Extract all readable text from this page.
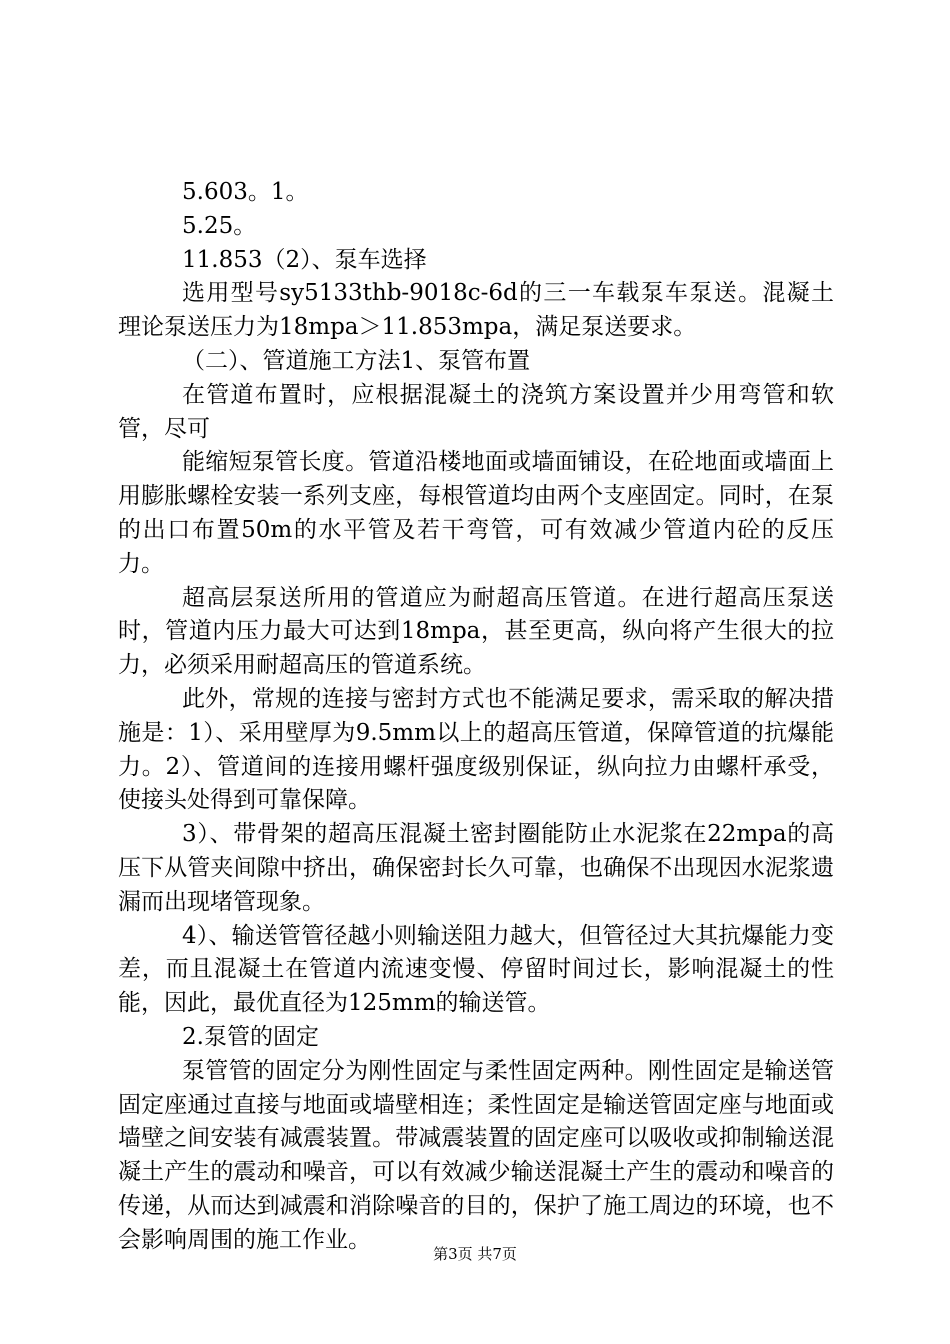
5.603。1。

5.25。

11.853（2）、泵车选择

选用型号sy5133thb-9018c-6d的三一车载泵车泵送。混凝土理论泵送压力为18mpa＞11.853mpa，满足泵送要求。

（二）、管道施工方法1、泵管布置

在管道布置时，应根据混凝土的浇筑方案设置并少用弯管和软管，尽可

能缩短泵管长度。管道沿楼地面或墙面铺设，在砼地面或墙面上用膨胀螺栓安装一系列支座，每根管道均由两个支座固定。同时，在泵的出口布置50m的水平管及若干弯管，可有效减少管道内砼的反压力。

超高层泵送所用的管道应为耐超高压管道。在进行超高压泵送时，管道内压力最大可达到18mpa，甚至更高，纵向将产生很大的拉力，必须采用耐超高压的管道系统。

此外，常规的连接与密封方式也不能满足要求，需采取的解决措施是：1）、采用壁厚为9.5mm以上的超高压管道，保障管道的抗爆能力。2）、管道间的连接用螺杆强度级别保证，纵向拉力由螺杆承受，使接头处得到可靠保障。

3）、带骨架的超高压混凝土密封圈能防止水泥浆在22mpa的高压下从管夹间隙中挤出，确保密封长久可靠，也确保不出现因水泥浆遗漏而出现堵管现象。

4）、输送管管径越小则输送阻力越大，但管径过大其抗爆能力变差，而且混凝土在管道内流速变慢、停留时间过长，影响混凝土的性能，因此，最优直径为125mm的输送管。

2.泵管的固定

泵管管的固定分为刚性固定与柔性固定两种。刚性固定是输送管固定座通过直接与地面或墙壁相连；柔性固定是输送管固定座与地面或墙壁之间安装有减震装置。带减震装置的固定座可以吸收或抑制输送混凝土产生的震动和噪音，可以有效减少输送混凝土产生的震动和噪音的传递，从而达到减震和消除噪音的目的，保护了施工周边的环境，也不会影响周围的施工作业。

第3页 共7页
